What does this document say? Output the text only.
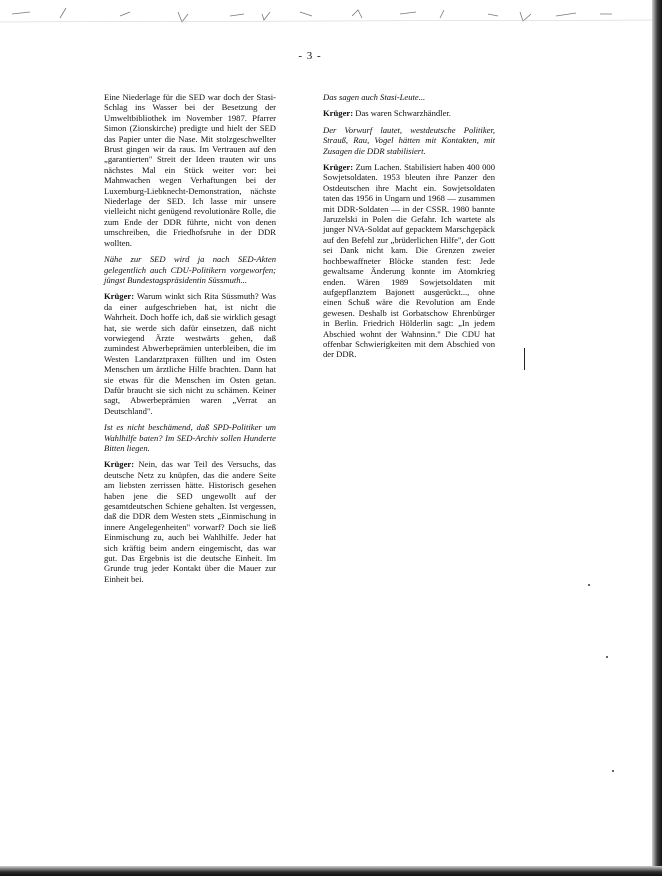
- 3 -

Eine Niederlage für die SED war doch der Stasi-Schlag ins Wasser bei der Besetzung der Umweltbibliothek im November 1987. Pfarrer Simon (Zionskirche) predigte und hielt der SED das Papier unter die Nase. Mit stolzgeschwellter Brust gingen wir da raus. Im Vertrauen auf den „garantierten" Streit der Ideen trauten wir uns nächstes Mal ein Stück weiter vor: bei Mahnwachen wegen Verhaftungen bei der Luxemburg-Liebknecht-Demonstration, nächste Niederlage der SED. Ich lasse mir unsere vielleicht nicht genügend revolutionäre Rolle, die zum Ende der DDR führte, nicht von denen umschreiben, die Friedhofsruhe in der DDR wollten.

Nähe zur SED wird ja nach SED-Akten gelegentlich auch CDU-Politikern vorgeworfen; jüngst Bundestagspräsidentin Süssmuth...

Krüger: Warum winkt sich Rita Süssmuth? Was da einer aufgeschrieben hat, ist nicht die Wahrheit. Doch hoffe ich, daß sie wirklich gesagt hat, sie werde sich dafür einsetzen, daß nicht vorwiegend Ärzte westwärts gehen, daß zumindest Abwerbeprämien unterbleiben, die im Westen Landarztpraxen füllten und im Osten Menschen um ärztliche Hilfe brachten. Dann hat sie etwas für die Menschen im Osten getan. Dafür braucht sie sich nicht zu schämen. Keiner sagt, Abwerbeprämien waren „Verrat an Deutschland".

Ist es nicht beschämend, daß SPD-Politiker um Wahlhilfe baten? Im SED-Archiv sollen Hunderte Bitten liegen.

Krüger: Nein, das war Teil des Versuchs, das deutsche Netz zu knüpfen, das die andere Seite am liebsten zerrissen hätte. Historisch gesehen haben jene die SED ungewollt auf der gesamtdeutschen Schiene gehalten. Ist vergessen, daß die DDR dem Westen stets „Einmischung in innere Angelegenheiten" vorwarf? Doch sie ließ Einmischung zu, auch bei Wahlhilfe. Jeder hat sich kräftig beim andern eingemischt, das war gut. Das Ergebnis ist die deutsche Einheit. Im Grunde trug jeder Kontakt über die Mauer zur Einheit bei.

Das sagen auch Stasi-Leute...

Krüger: Das waren Schwarzhändler.

Der Vorwurf lautet, westdeutsche Politiker, Strauß, Rau, Vogel hätten mit Kontakten, mit Zusagen die DDR stabilisiert.

Krüger: Zum Lachen. Stabilisiert haben 400 000 Sowjetsoldaten. 1953 bleuten ihre Panzer den Ostdeutschen ihre Macht ein. Sowjetsoldaten taten das 1956 in Ungarn und 1968 — zusammen mit DDR-Soldaten — in der CSSR. 1980 bannte Jaruzelski in Polen die Gefahr. Ich wartete als junger NVA-Soldat auf gepacktem Marschgepäck auf den Befehl zur „brüderlichen Hilfe", der Gott sei Dank nicht kam. Die Grenzen zweier hochbewaffneter Blöcke standen fest: Jede gewaltsame Änderung konnte im Atomkrieg enden. Wären 1989 Sowjetsoldaten mit aufgepflanztem Bajonett ausgerückt..., ohne einen Schuß wäre die Revolution am Ende gewesen. Deshalb ist Gorbatschow Ehrenbürger in Berlin. Friedrich Hölderlin sagt: „In jedem Abschied wohnt der Wahnsinn." Die CDU hat offenbar Schwierigkeiten mit dem Abschied von der DDR.
